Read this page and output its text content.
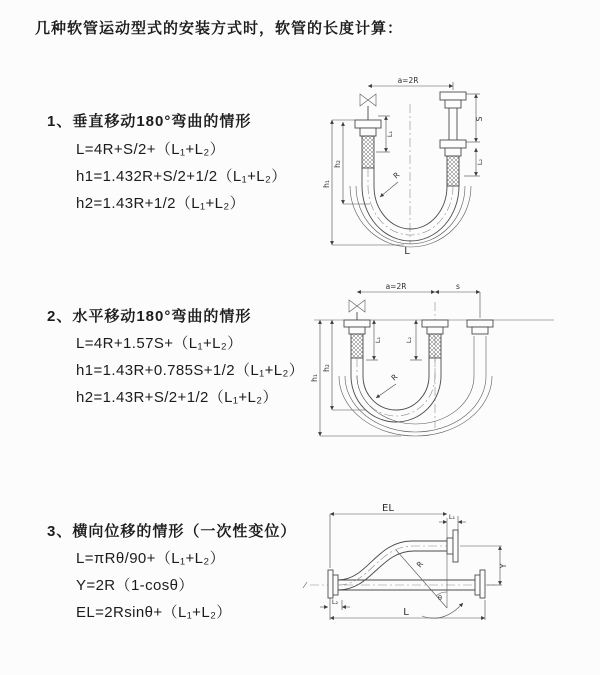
几种软管运动型式的安装方式时，软管的长度计算：
1、垂直移动180°弯曲的情形
L=4R+S/2+（L₁+L₂）
h1=1.432R+S/2+1/2（L₁+L₂）
h2=1.43R+1/2（L₁+L₂）
2、水平移动180°弯曲的情形
L=4R+1.57S+（L₁+L₂）
h1=1.43R+0.785S+1/2（L₁+L₂）
h2=1.43R+S/2+1/2（L₁+L₂）
3、横向位移的情形（一次性变位）
L=πRθ/90+（L₁+L₂）
Y=2R（1-cosθ）
EL=2Rsinθ+（L₁+L₂）
a=2R
h₁
h₂
L₁
S
L₂
R
L
a=2R	s
h₁
h₂
L₁	L₂
R
EL
L₁
Y
θ
R
L₂
L
